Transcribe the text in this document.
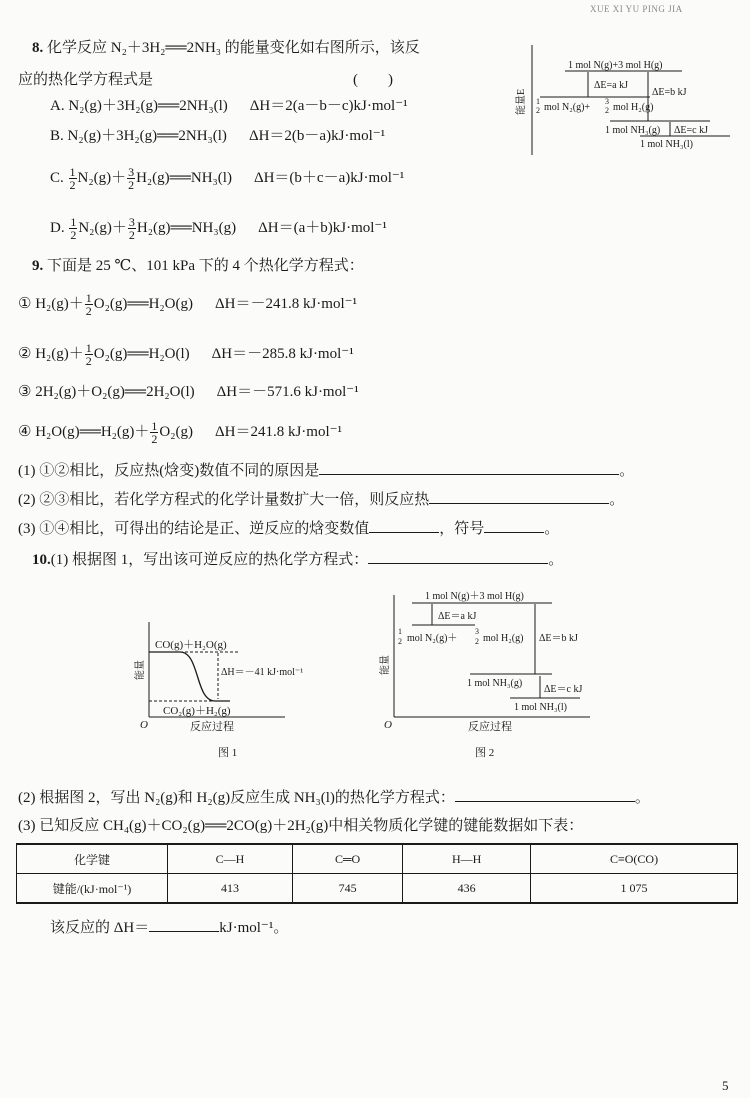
XUE XI YU PING JIA
8. 化学反应 N₂＋3H₂══2NH₃ 的能量变化如右图所示，该反
应的热化学方程式是	(　　)
A. N₂(g)＋3H₂(g)══2NH₃(l) ΔH＝2(a－b－c)kJ·mol⁻¹
B. N₂(g)＋3H₂(g)══2NH₃(l) ΔH＝2(b－a)kJ·mol⁻¹
C. $\frac{1}{2} N_2(g)+ \frac{3}{2}$ H₂(g)══NH₃(l) ΔH＝(b＋c－a)kJ·mol⁻¹
D. $\frac{1}{2} N_2(g)+ \frac{3}{2}$ H₂(g)══NH₃(g) ΔH＝(a＋b)kJ·mol⁻¹
能量E
1 mol N(g)+3 mol H(g)
ΔE=a kJ
ΔE=b kJ
1
2 mol N₂(g)+
3
2 mol H₂(g)
1 mol NH₃(g) ΔE=c kJ
1 mol NH₃(l)
9. 下面是 25 ℃、101 kPa 下的 4 个热化学方程式：
① $H_2(g)+ \frac{1}{2}$ O₂(g)══H₂O(g) ΔH＝－241.8 kJ·mol⁻¹
② $H_2(g)+ \frac{1}{2}$ O₂(g)══H₂O(l) ΔH＝－285.8 kJ·mol⁻¹
③ 2H₂(g)＋O₂(g)══2H₂O(l) ΔH＝－571.6 kJ·mol⁻¹
④ H₂O(g)══H₂(g)＋ $\frac{1}{2} O_2(g)$ ΔH＝241.8 kJ·mol⁻¹
(1) ①②相比，反应热(焓变)数值不同的原因是	。
(2) ②③相比，若化学方程式的化学计量数扩大一倍，则反应热	。
(3) ①④相比，可得出的结论是正、逆反应的焓变数值	，符号	。
10.(1) 根据图 1，写出该可逆反应的热化学方程式：	。
能量
CO(g)＋H₂O(g)
ΔH＝－41 kJ·mol⁻¹
CO₂(g)＋H₂(g)
O	反应过程
图 1
能量
1 mol N(g)＋3 mol H(g)
ΔE＝a kJ
1
2 mol N₂(g)＋
3
2 mol H₂(g) ΔE＝b kJ
1 mol NH₃(g)
ΔE＝c kJ
1 mol NH₃(l)
O	反应过程
图 2
(2) 根据图 2，写出 N₂(g)和 H₂(g)反应生成 NH₃(l)的热化学方程式：	。
(3) 已知反应 CH₄(g)＋CO₂(g)══2CO(g)＋2H₂(g)中相关物质化学键的键能数据如下表：
化学键	C—H	C═O	H—H	C≡O(CO)
键能/(kJ·mol⁻¹)	413	745	436	1 075
该反应的 ΔH＝	kJ·mol⁻¹。
5
